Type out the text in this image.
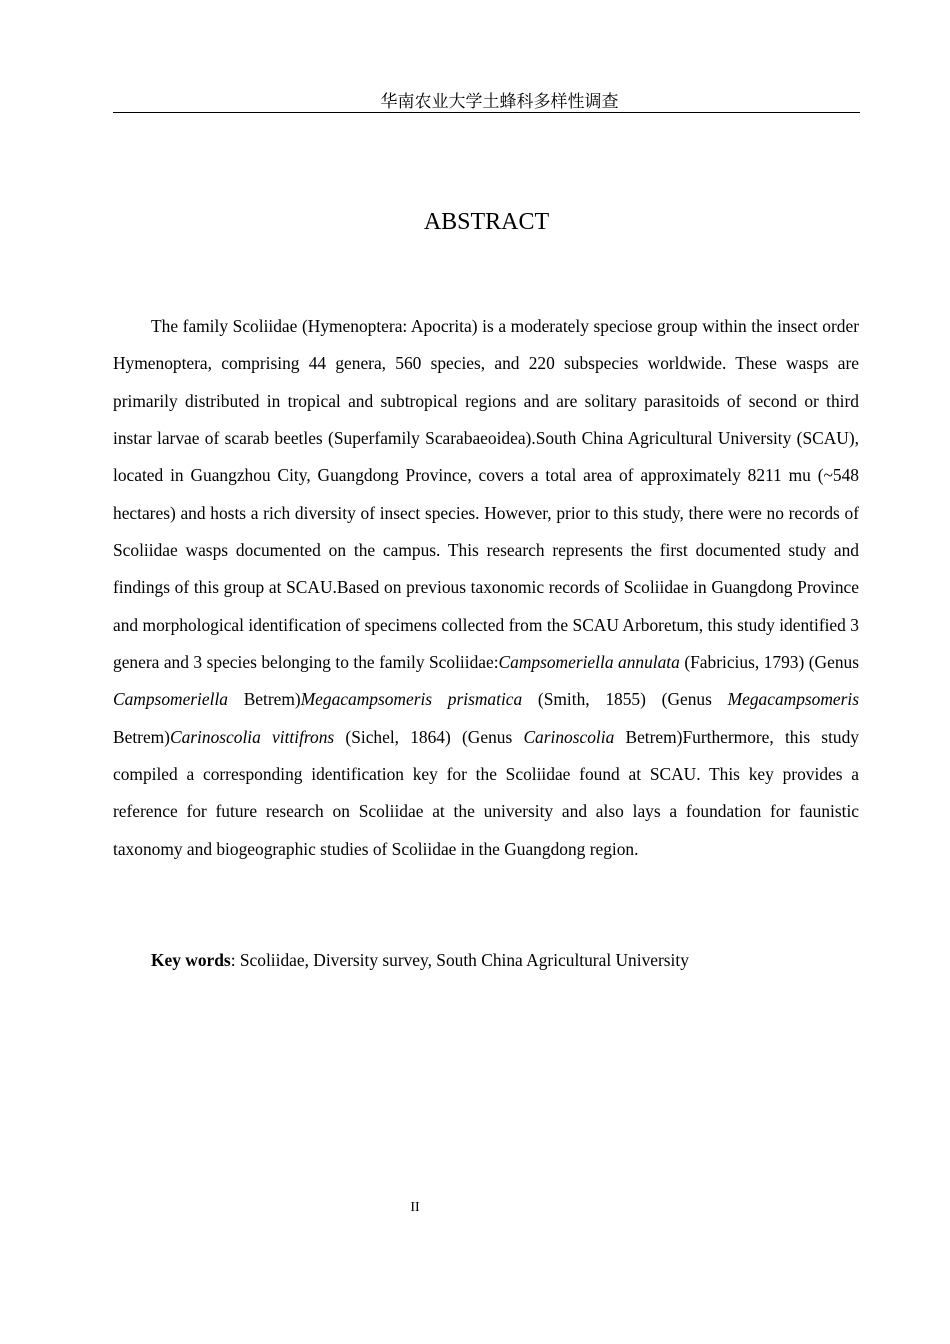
华南农业大学土蜂科多样性调查
ABSTRACT

The family Scoliidae (Hymenoptera: Apocrita) is a moderately speciose group within the insect order Hymenoptera, comprising 44 genera, 560 species, and 220 subspecies worldwide. These wasps are primarily distributed in tropical and subtropical regions and are solitary parasitoids of second or third instar larvae of scarab beetles (Superfamily Scarabaeoidea).South China Agricultural University (SCAU), located in Guangzhou City, Guangdong Province, covers a total area of approximately 8211 mu (~548 hectares) and hosts a rich diversity of insect species. However, prior to this study, there were no records of Scoliidae wasps documented on the campus. This research represents the first documented study and findings of this group at SCAU.Based on previous taxonomic records of Scoliidae in Guangdong Province and morphological identification of specimens collected from the SCAU Arboretum, this study identified 3 genera and 3 species belonging to the family Scoliidae:Campsomeriella annulata (Fabricius, 1793) (Genus Campsomeriella Betrem)Megacampsomeris prismatica (Smith, 1855) (Genus Megacampsomeris Betrem)Carinoscolia vittifrons (Sichel, 1864) (Genus Carinoscolia Betrem)Furthermore, this study compiled a corresponding identification key for the Scoliidae found at SCAU. This key provides a reference for future research on Scoliidae at the university and also lays a foundation for faunistic taxonomy and biogeographic studies of Scoliidae in the Guangdong region.

Key words: Scoliidae, Diversity survey, South China Agricultural University

II
